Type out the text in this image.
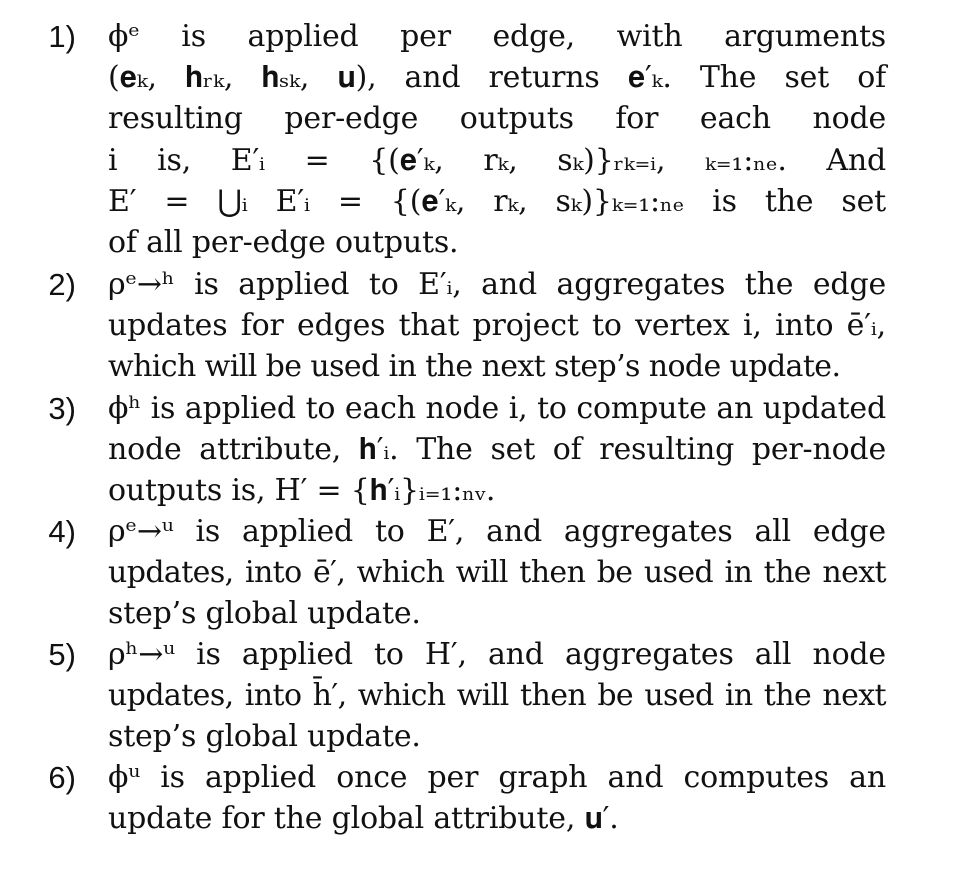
1) ϕᵉ is applied per edge, with arguments
(𝐞ₖ, 𝐡ᵣₖ, 𝐡ₛₖ, 𝐮), and returns 𝐞′ₖ. The set of
resulting per-edge outputs for each node
i is, E′ᵢ = {(𝐞′ₖ, rₖ, sₖ)}ᵣₖ₌ᵢ, ₖ₌₁:ₙₑ. And
E′ = ⋃ᵢ E′ᵢ = {(𝐞′ₖ, rₖ, sₖ)}ₖ₌₁:ₙₑ is the set
of all per-edge outputs.
2) ρᵉ→ʰ is applied to E′ᵢ, and aggregates the edge
updates for edges that project to vertex i, into ē′ᵢ,
which will be used in the next step’s node update.
3) ϕʰ is applied to each node i, to compute an updated
node attribute, 𝐡′ᵢ. The set of resulting per-node
outputs is, H′ = {𝐡′ᵢ}ᵢ₌₁:ₙᵥ.
4) ρᵉ→ᵘ is applied to E′, and aggregates all edge
updates, into ē′, which will then be used in the next
step’s global update.
5) ρʰ→ᵘ is applied to H′, and aggregates all node
updates, into h̄′, which will then be used in the next
step’s global update.
6) ϕᵘ is applied once per graph and computes an
update for the global attribute, 𝐮′.
